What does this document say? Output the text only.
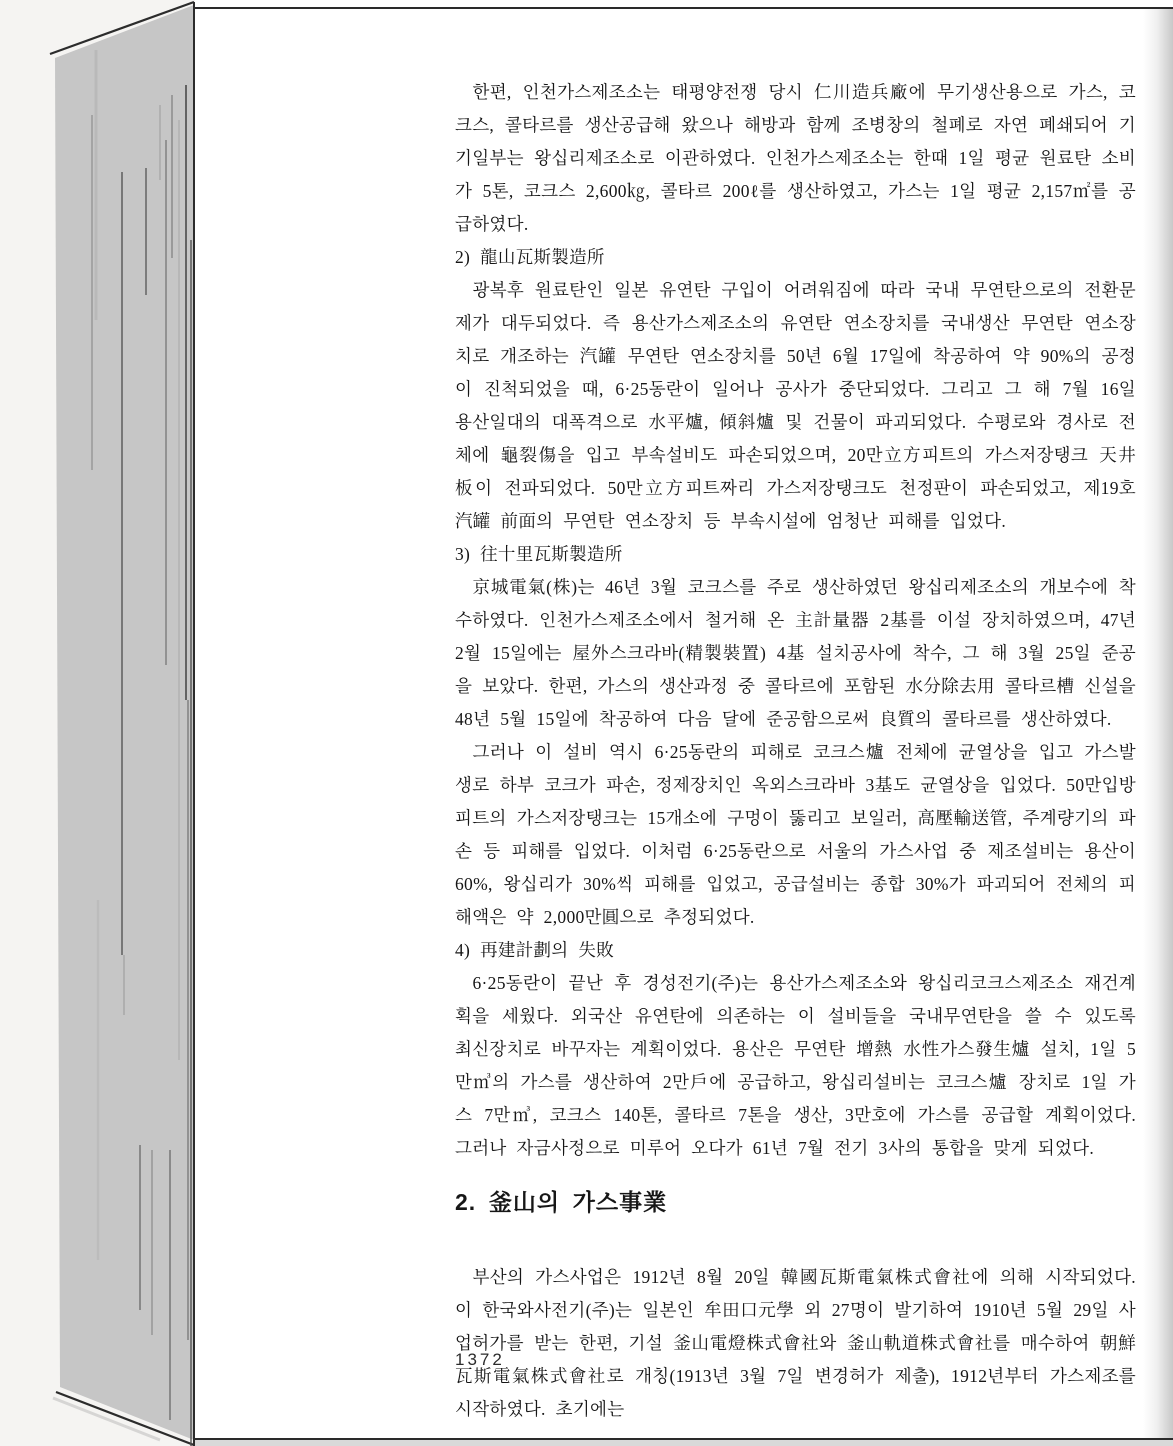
한편, 인천가스제조소는 태평양전쟁 당시 仁川造兵廠에 무기생산용으로 가스, 코크스, 콜타르를 생산공급해 왔으나 해방과 함께 조병창의 철폐로 자연 폐쇄되어 기기일부는 왕십리제조소로 이관하였다. 인천가스제조소는 한때 1일 평균 원료탄 소비가 5톤, 코크스 2,600㎏, 콜타르 200ℓ를 생산하였고, 가스는 1일 평균 2,157㎡를 공급하였다.

2) 龍山瓦斯製造所

광복후 원료탄인 일본 유연탄 구입이 어려워짐에 따라 국내 무연탄으로의 전환문제가 대두되었다. 즉 용산가스제조소의 유연탄 연소장치를 국내생산 무연탄 연소장치로 개조하는 汽罐 무연탄 연소장치를 50년 6월 17일에 착공하여 약 90%의 공정이 진척되었을 때, 6·25동란이 일어나 공사가 중단되었다. 그리고 그 해 7월 16일 용산일대의 대폭격으로 水平爐, 傾斜爐 및 건물이 파괴되었다. 수평로와 경사로 전체에 龜裂傷을 입고 부속설비도 파손되었으며, 20만立方피트의 가스저장탱크 天井板이 전파되었다. 50만立方피트짜리 가스저장탱크도 천정판이 파손되었고, 제19호 汽罐 前面의 무연탄 연소장치 등 부속시설에 엄청난 피해를 입었다.

3) 往十里瓦斯製造所

京城電氣(株)는 46년 3월 코크스를 주로 생산하였던 왕십리제조소의 개보수에 착수하였다. 인천가스제조소에서 철거해 온 主計量器 2基를 이설 장치하였으며, 47년 2월 15일에는 屋外스크라바(精製裝置) 4基 설치공사에 착수, 그 해 3월 25일 준공을 보았다. 한편, 가스의 생산과정 중 콜타르에 포함된 水分除去用 콜타르槽 신설을 48년 5월 15일에 착공하여 다음 달에 준공함으로써 良質의 콜타르를 생산하였다.

그러나 이 설비 역시 6·25동란의 피해로 코크스爐 전체에 균열상을 입고 가스발생로 하부 코크가 파손, 정제장치인 옥외스크라바 3基도 균열상을 입었다. 50만입방피트의 가스저장탱크는 15개소에 구멍이 뚫리고 보일러, 高壓輸送管, 주계량기의 파손 등 피해를 입었다. 이처럼 6·25동란으로 서울의 가스사업 중 제조설비는 용산이 60%, 왕십리가 30%씩 피해를 입었고, 공급설비는 종합 30%가 파괴되어 전체의 피해액은 약 2,000만圓으로 추정되었다.

4) 再建計劃의 失敗

6·25동란이 끝난 후 경성전기(주)는 용산가스제조소와 왕십리코크스제조소 재건계획을 세웠다. 외국산 유연탄에 의존하는 이 설비들을 국내무연탄을 쓸 수 있도록 최신장치로 바꾸자는 계획이었다. 용산은 무연탄 增熱 水性가스發生爐 설치, 1일 5만㎥의 가스를 생산하여 2만戶에 공급하고, 왕십리설비는 코크스爐 장치로 1일 가스 7만㎥, 코크스 140톤, 콜타르 7톤을 생산, 3만호에 가스를 공급할 계획이었다. 그러나 자금사정으로 미루어 오다가 61년 7월 전기 3사의 통합을 맞게 되었다.

2. 釜山의 가스事業

부산의 가스사업은 1912년 8월 20일 韓國瓦斯電氣株式會社에 의해 시작되었다. 이 한국와사전기(주)는 일본인 牟田口元學 외 27명이 발기하여 1910년 5월 29일 사업허가를 받는 한편, 기설 釜山電燈株式會社와 釜山軌道株式會社를 매수하여 朝鮮瓦斯電氣株式會社로 개칭(1913년 3월 7일 변경허가 제출), 1912년부터 가스제조를 시작하였다. 초기에는

1372
